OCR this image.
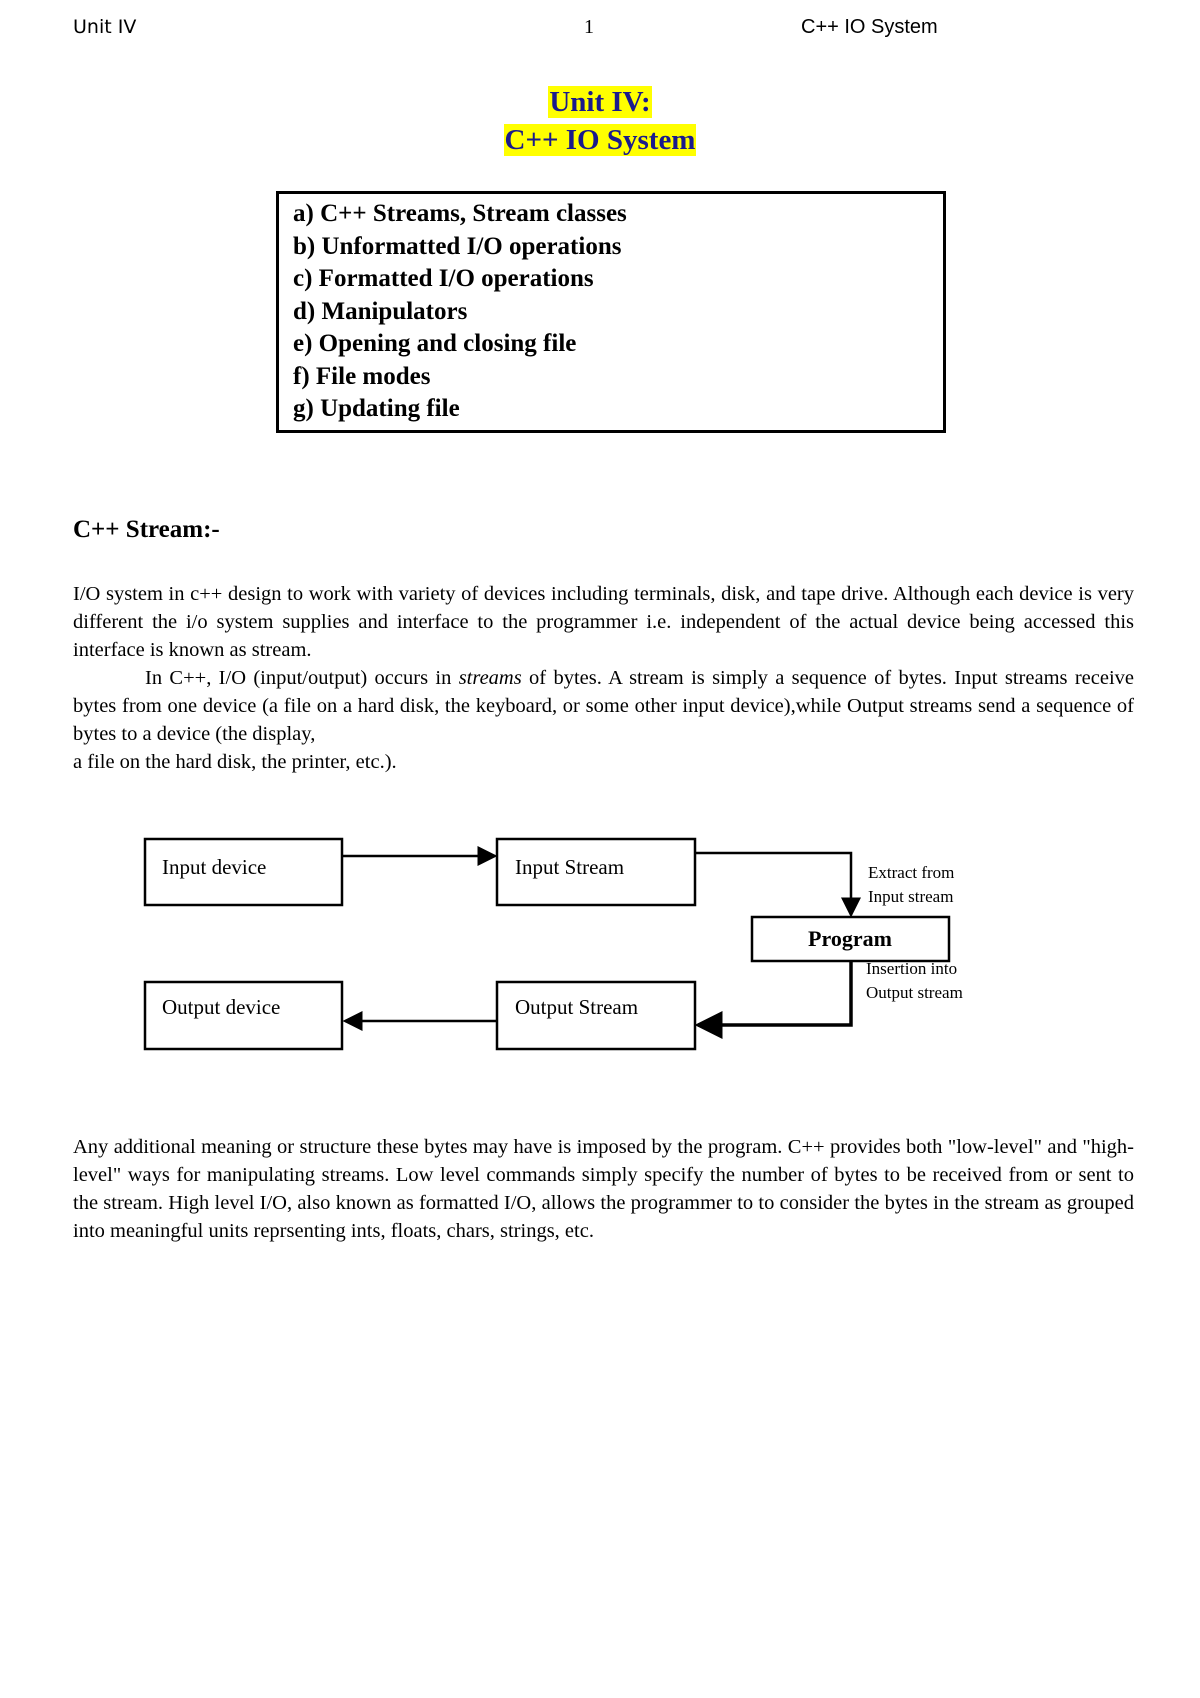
Unit IV	1	C++ IO System
Unit IV:
C++ IO System
a) C++ Streams, Stream classes
b) Unformatted I/O operations
c) Formatted I/O operations
d) Manipulators
e) Opening and closing file
f) File modes
g) Updating file
C++ Stream:-

I/O system in c++ design to work with variety of devices including terminals, disk, and tape drive. Although each device is very different the i/o system supplies and interface to the programmer i.e. independent of the actual device being accessed this interface is known as stream.

In C++, I/O (input/output) occurs in streams of bytes. A stream is simply a sequence of bytes. Input streams receive bytes from one device (a file on a hard disk, the keyboard, or some other input device),while Output streams send a sequence of bytes to a device (the display,

a file on the hard disk, the printer, etc.).

Input device	Input Stream
Program
Output device	Output Stream
Extract from
Input stream
Insertion into
Output stream
Any additional meaning or structure these bytes may have is imposed by the program. C++ provides both "low-level" and "high-level" ways for manipulating streams. Low level commands simply specify the number of bytes to be received from or sent to the stream. High level I/O, also known as formatted I/O, allows the programmer to to consider the bytes in the stream as grouped into meaningful units reprsenting ints, floats, chars, strings, etc.
